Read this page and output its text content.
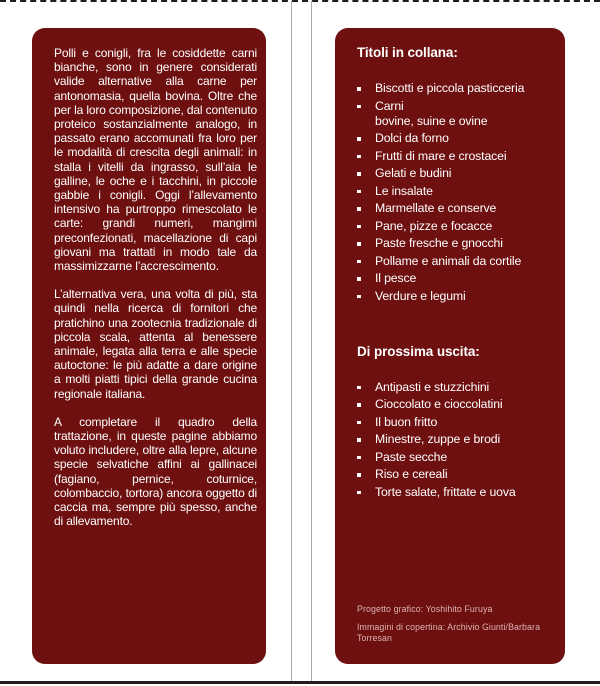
Polli e conigli, fra le cosiddette carni bianche, sono in genere considerati valide alternative alla carne per antonomasia, quella bovina. Oltre che per la loro composizione, dal contenuto proteico sostanzialmente analogo, in passato erano accomunati fra loro per le modalità di crescita degli animali: in stalla i vitelli da ingrasso, sull’aia le galline, le oche e i tacchini, in piccole gabbie i conigli. Oggi l’allevamento intensivo ha purtroppo rimescolato le carte: grandi numeri, mangimi preconfezionati, macellazione di capi giovani ma trattati in modo tale da massimizzarne l’accrescimento.

L’alternativa vera, una volta di più, sta quindi nella ricerca di fornitori che pratichino una zootecnia tradizionale di piccola scala, attenta al benessere animale, legata alla terra e alle specie autoctone: le più adatte a dare origine a molti piatti tipici della grande cucina regionale italiana.

A completare il quadro della trattazione, in queste pagine abbiamo voluto includere, oltre alla lepre, alcune specie selvatiche affini ai gallinacei (fagiano, pernice, coturnice, colombaccio, tortora) ancora oggetto di caccia ma, sempre più spesso, anche di allevamento.

Titoli in collana:
Biscotti e piccola pasticceria
Carni
bovine, suine e ovine
Dolci da forno
Frutti di mare e crostacei
Gelati e budini
Le insalate
Marmellate e conserve
Pane, pizze e focacce
Paste fresche e gnocchi
Pollame e animali da cortile
Il pesce
Verdure e legumi
Di prossima uscita:
Antipasti e stuzzichini
Cioccolato e cioccolatini
Il buon fritto
Minestre, zuppe e brodi
Paste secche
Riso e cereali
Torte salate, frittate e uova

Progetto grafico: Yoshihito Furuya

Immagini di copertina: Archivio Giunti/Barbara Torresan
